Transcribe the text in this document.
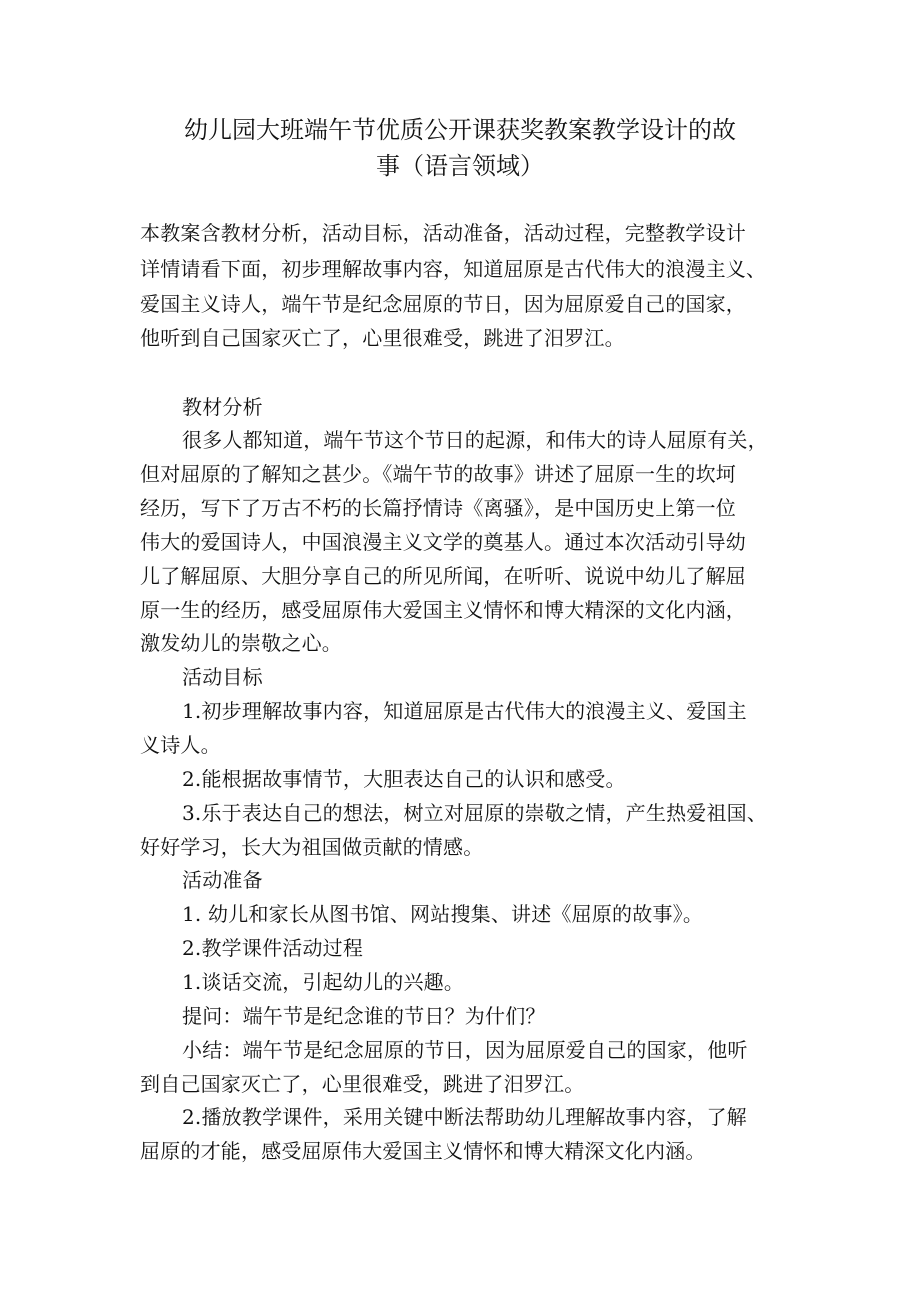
幼儿园大班端午节优质公开课获奖教案教学设计的故
事（语言领域）
本教案含教材分析，活动目标，活动准备，活动过程，完整教学设计
详情请看下面，初步理解故事内容，知道屈原是古代伟大的浪漫主义、
爱国主义诗人，端午节是纪念屈原的节日，因为屈原爱自己的国家，
他听到自己国家灭亡了，心里很难受，跳进了汨罗江。
教材分析
很多人都知道，端午节这个节日的起源，和伟大的诗人屈原有关，
但对屈原的了解知之甚少。《端午节的故事》讲述了屈原一生的坎坷
经历，写下了万古不朽的长篇抒情诗《离骚》，是中国历史上第一位
伟大的爱国诗人，中国浪漫主义文学的奠基人。通过本次活动引导幼
儿了解屈原、大胆分享自己的所见所闻，在听听、说说中幼儿了解屈
原一生的经历，感受屈原伟大爱国主义情怀和博大精深的文化内涵，
激发幼儿的崇敬之心。
活动目标
1.初步理解故事内容，知道屈原是古代伟大的浪漫主义、爱国主
义诗人。
2.能根据故事情节，大胆表达自己的认识和感受。
3.乐于表达自己的想法，树立对屈原的崇敬之情，产生热爱祖国、
好好学习，长大为祖国做贡献的情感。
活动准备
1. 幼儿和家长从图书馆、网站搜集、讲述《屈原的故事》。
2.教学课件活动过程
1.谈话交流，引起幼儿的兴趣。
提问：端午节是纪念谁的节日？为什们？
小结：端午节是纪念屈原的节日，因为屈原爱自己的国家，他听
到自己国家灭亡了，心里很难受，跳进了汨罗江。
2.播放教学课件，采用关键中断法帮助幼儿理解故事内容，了解
屈原的才能，感受屈原伟大爱国主义情怀和博大精深文化内涵。
